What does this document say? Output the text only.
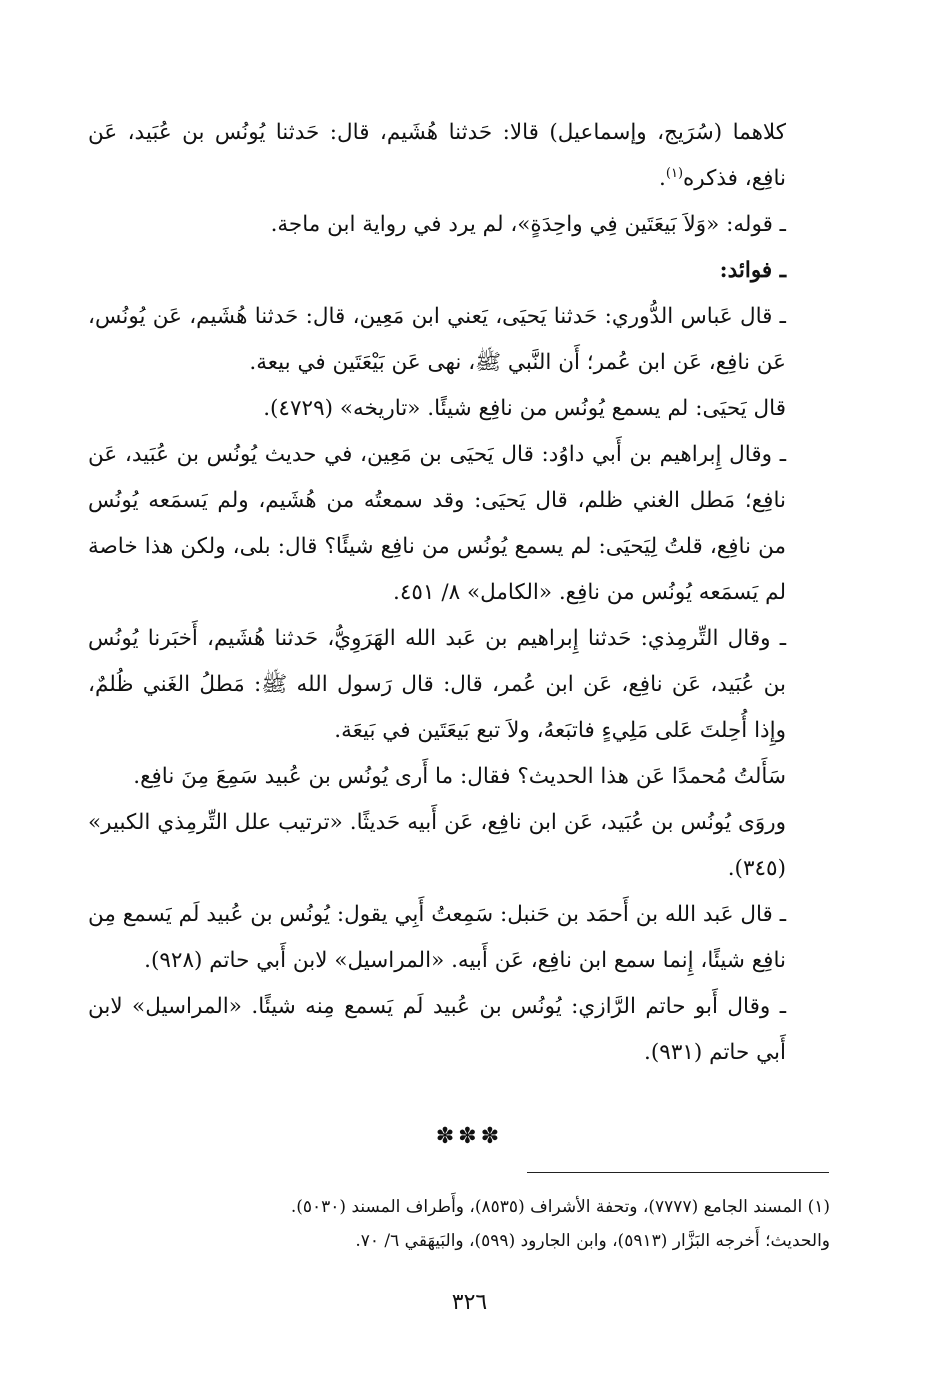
كلاهما (سُرَيج، وإسماعيل) قالا: حَدثنا هُشَيم، قال: حَدثنا يُونُس بن عُبَيد، عَن نافِع، فذكره$^{(١)}$.

ـ قوله: «وَلاَ بَيعَتَين فِي واحِدَةٍ»، لم يرد في رواية ابن ماجة.

ـ فوائد:

ـ قال عَباس الدُّوري: حَدثنا يَحيَى، يَعني ابن مَعِين، قال: حَدثنا هُشَيم، عَن يُونُس، عَن نافِع، عَن ابن عُمر؛ أَن النَّبي ﷺ، نهى عَن بَيْعَتَين في بيعة.

قال يَحيَى: لم يسمع يُونُس من نافِع شيئًا. «تاريخه» (٤٧٢٩).

ـ وقال إِبراهيم بن أَبي داوُد: قال يَحيَى بن مَعِين، في حديث يُونُس بن عُبَيد، عَن نافِع؛ مَطل الغني ظلم، قال يَحيَى: وقد سمعتُه من هُشَيم، ولم يَسمَعه يُونُس من نافِع، قلتُ لِيَحيَى: لم يسمع يُونُس من نافِع شيئًا؟ قال: بلى، ولكن هذا خاصة لم يَسمَعه يُونُس من نافِع. «الكامل» ٨/ ٤٥١.

ـ وقال التِّرمِذي: حَدثنا إِبراهيم بن عَبد الله الهَرَوِيُّ، حَدثنا هُشَيم، أَخبَرنا يُونُس بن عُبَيد، عَن نافِع، عَن ابن عُمر، قال: قال رَسول الله ﷺ: مَطلُ الغَني ظُلمٌ، وإِذا أُحِلتَ عَلى مَلِيءٍ فاتبَعهُ، ولاَ تبع بَيعَتَين في بَيعَة.

سَأَلتُ مُحمدًا عَن هذا الحديث؟ فقال: ما أَرى يُونُس بن عُبيد سَمِعَ مِنَ نافِع.

وروَى يُونُس بن عُبَيد، عَن ابن نافِع، عَن أَبيه حَديثًا. «ترتيب علل التِّرمِذي الكبير» (٣٤٥).

ـ قال عَبد الله بن أَحمَد بن حَنبل: سَمِعتُ أَبِي يقول: يُونُس بن عُبيد لَم يَسمع مِن نافِع شيئًا، إِنما سمع ابن نافِع، عَن أَبيه. «المراسيل» لابن أَبي حاتم (٩٢٨).

ـ وقال أَبو حاتم الرَّازي: يُونُس بن عُبيد لَم يَسمع مِنه شيئًا. «المراسيل» لابن أَبي حاتم (٩٣١).

✽✽✽

(١) المسند الجامع (٧٧٧٧)، وتحفة الأشراف (٨٥٣٥)، وأَطراف المسند (٥٠٣٠).

والحديث؛ أَخرجه البَزَّار (٥٩١٣)، وابن الجارود (٥٩٩)، والبَيهَقي ٦/ ٧٠.

٣٢٦
